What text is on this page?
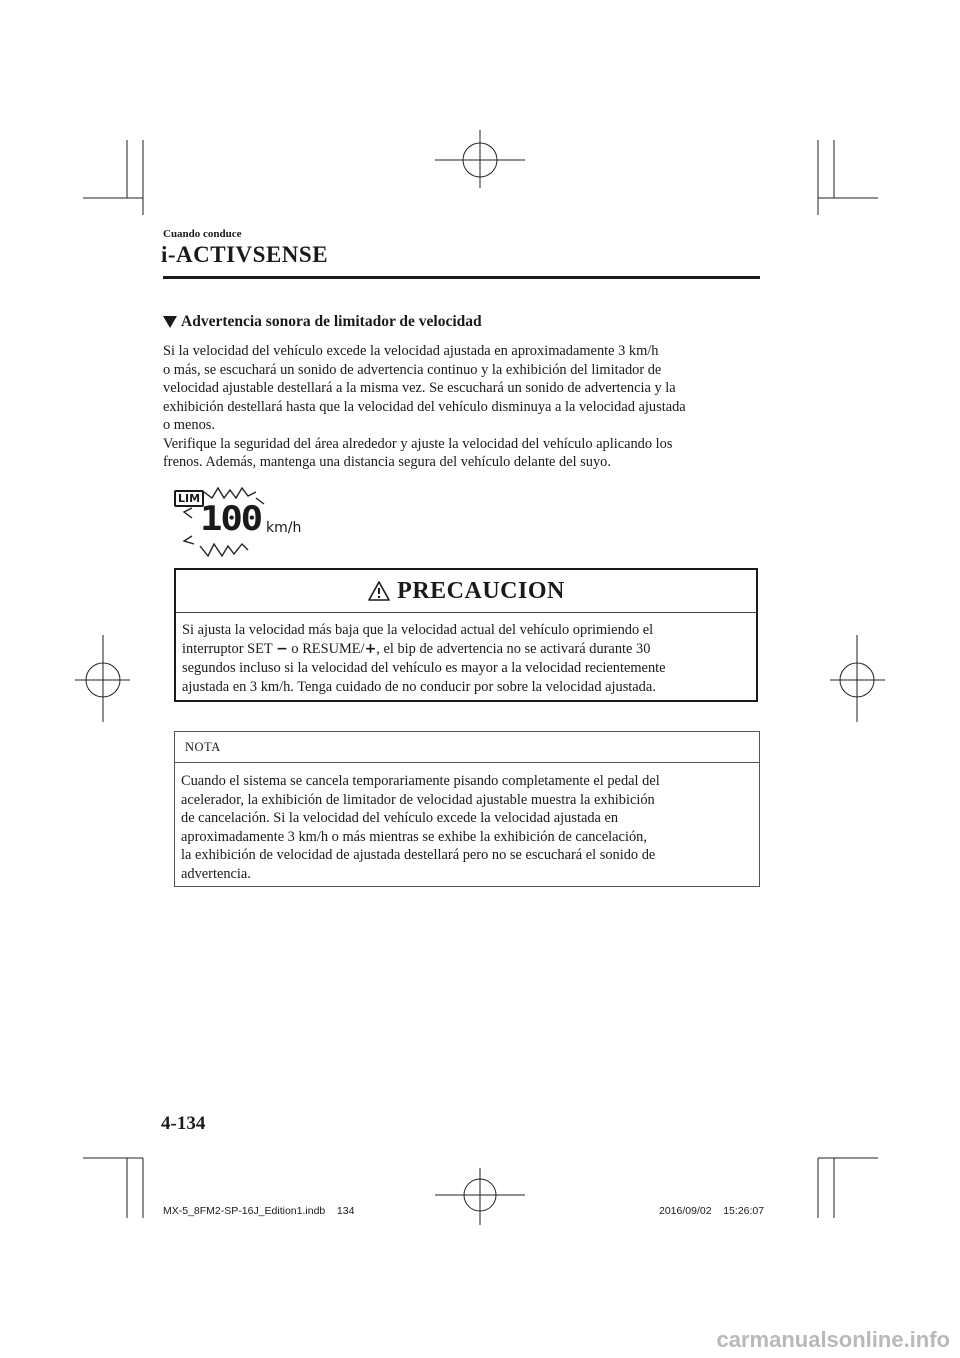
Cuando conduce
i-ACTIVSENSE
Advertencia sonora de limitador de velocidad
Si la velocidad del vehículo excede la velocidad ajustada en aproximadamente 3 km/h
o más, se escuchará un sonido de advertencia continuo y la exhibición del limitador de
velocidad ajustable destellará a la misma vez. Se escuchará un sonido de advertencia y la
exhibición destellará hasta que la velocidad del vehículo disminuya a la velocidad ajustada
o menos.
Verifique la seguridad del área alrededor y ajuste la velocidad del vehículo aplicando los
frenos. Además, mantenga una distancia segura del vehículo delante del suyo.
LIM
100 km/h
PRECAUCION
Si ajusta la velocidad más baja que la velocidad actual del vehículo oprimiendo el
interruptor SET − o RESUME/+, el bip de advertencia no se activará durante 30
segundos incluso si la velocidad del vehículo es mayor a la velocidad recientemente
ajustada en 3 km/h. Tenga cuidado de no conducir por sobre la velocidad ajustada.
NOTA
Cuando el sistema se cancela temporariamente pisando completamente el pedal del
acelerador, la exhibición de limitador de velocidad ajustable muestra la exhibición
de cancelación. Si la velocidad del vehículo excede la velocidad ajustada en
aproximadamente 3 km/h o más mientras se exhibe la exhibición de cancelación,
la exhibición de velocidad de ajustada destellará pero no se escuchará el sonido de
advertencia.
4-134
MX-5_8FM2-SP-16J_Edition1.indb    134	2016/09/02    15:26:07
carmanualsonline.info
